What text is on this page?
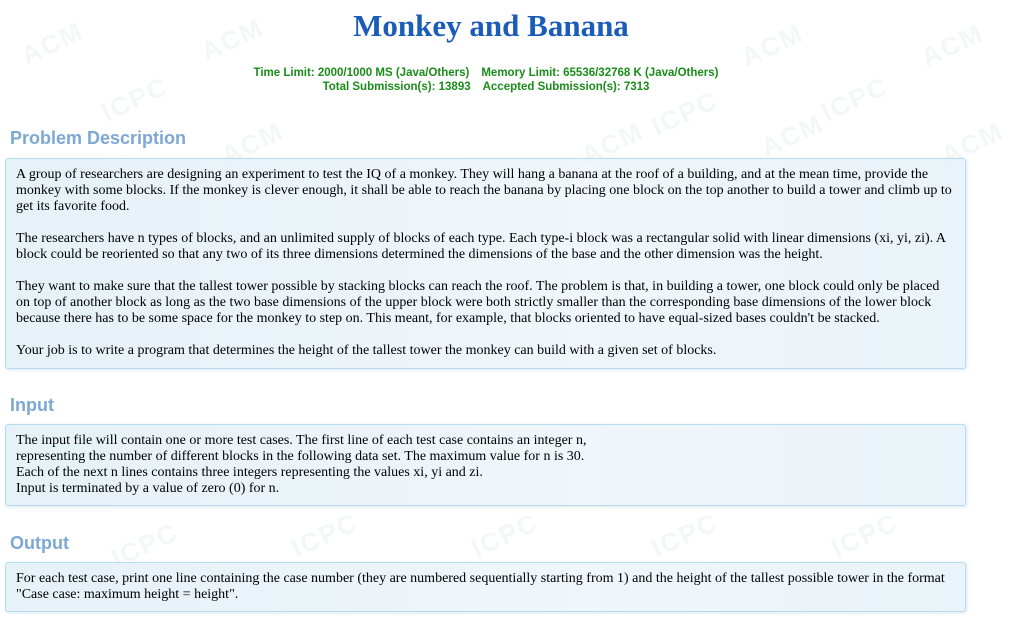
ACM	ACM	ACM	ACM
ICPC	ICPC
ACM	ACM
ICPC ACM	ACM
ICPC	ICPC	ICPC	ICPC	ICPC
Monkey and Banana
Time Limit: 2000/1000 MS (Java/Others) Memory Limit: 65536/32768 K (Java/Others)
Total Submission(s): 13893 Accepted Submission(s): 7313
Problem Description

A group of researchers are designing an experiment to test the IQ of a monkey. They will hang a banana at the roof of a building, and at the mean time, provide the monkey with some blocks. If the monkey is clever enough, it shall be able to reach the banana by placing one block on the top another to build a tower and climb up to get its favorite food.

The researchers have n types of blocks, and an unlimited supply of blocks of each type. Each type-i block was a rectangular solid with linear dimensions (xi, yi, zi). A block could be reoriented so that any two of its three dimensions determined the dimensions of the base and the other dimension was the height.

They want to make sure that the tallest tower possible by stacking blocks can reach the roof. The problem is that, in building a tower, one block could only be placed on top of another block as long as the two base dimensions of the upper block were both strictly smaller than the corresponding base dimensions of the lower block because there has to be some space for the monkey to step on. This meant, for example, that blocks oriented to have equal-sized bases couldn't be stacked.

Your job is to write a program that determines the height of the tallest tower the monkey can build with a given set of blocks.

Input
The input file will contain one or more test cases. The first line of each test case contains an integer n,
representing the number of different blocks in the following data set. The maximum value for n is 30.
Each of the next n lines contains three integers representing the values xi, yi and zi.
Input is terminated by a value of zero (0) for n.
Output

For each test case, print one line containing the case number (they are numbered sequentially starting from 1) and the height of the tallest possible tower in the format "Case case: maximum height = height".
